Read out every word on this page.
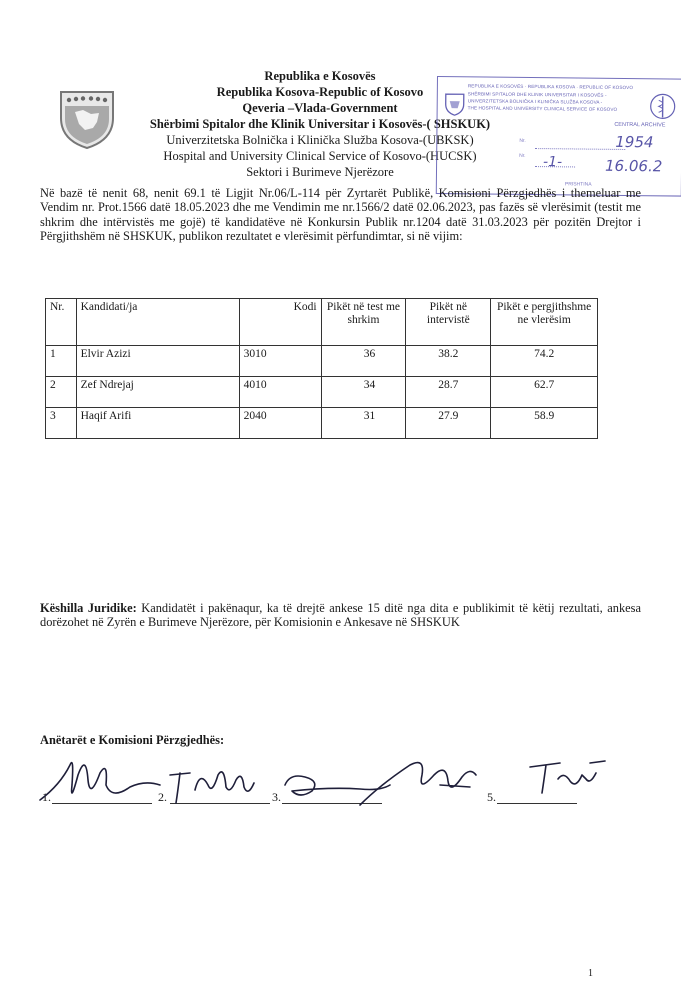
Republika e Kosovës
Republika Kosova-Republic of Kosovo
Qeveria –Vlada-Government
Shërbimi Spitalor dhe Klinik Universitar i Kosovës-( SHSKUK)
Univerzitetska Bolnička i Klinička Služba Kosova-(UBKSK)
Hospital and University Clinical Service of Kosovo-(HUCSK)
Sektori i Burimeve Njerëzore
REPUBLIKA E KOSOVËS · REPUBLIKA KOSOVA · REPUBLIC OF KOSOVO
SHËRBIMI SPITALOR DHE KLINIK UNIVERSITAR I KOSOVËS -
UNIVERZITETSKA BOLNIČKA I KLINIČKA SLUŽBA KOSOVA -
THE HOSPITAL AND UNIVERSITY CLINICAL SERVICE OF KOSOVO
CENTRAL ARCHIVE
Nr.	1954
Nr. -1-	16.06.2
PRISHTINA
Në bazë të nenit 68, nenit 69.1 të Ligjit Nr.06/L-114 për Zyrtarët Publikë, Komisioni Përzgjedhës i themeluar me Vendim nr. Prot.1566 datë 18.05.2023 dhe me Vendimin me nr.1566/2 datë 02.06.2023, pas fazës së vlerësimit (testit me shkrim dhe intërvistës me gojë) të kandidatëve në Konkursin Publik nr.1204 datë 31.03.2023 për pozitën Drejtor i Përgjithshëm në SHSKUK, publikon rezultatet e vlerësimit përfundimtar, si në vijim:
Nr.	Kandidati/ja	Kodi	Pikët në test me shrkim	Pikët në intervistë	Pikët e pergjithshme ne vlerësim
1	Elvir Azizi	3010	36	38.2	74.2
2	Zef Ndrejaj	4010	34	28.7	62.7
3	Haqif Arifi	2040	31	27.9	58.9
Këshilla Juridike: Kandidatët i pakënaqur, ka të drejtë ankese 15 ditë nga dita e publikimit të këtij rezultati, ankesa dorëzohet në Zyrën e Burimeve Njerëzore, për Komisionin e Ankesave në SHSKUK
Anëtarët e Komisioni Përzgjedhës:
1.	2.	3.	5.
1
